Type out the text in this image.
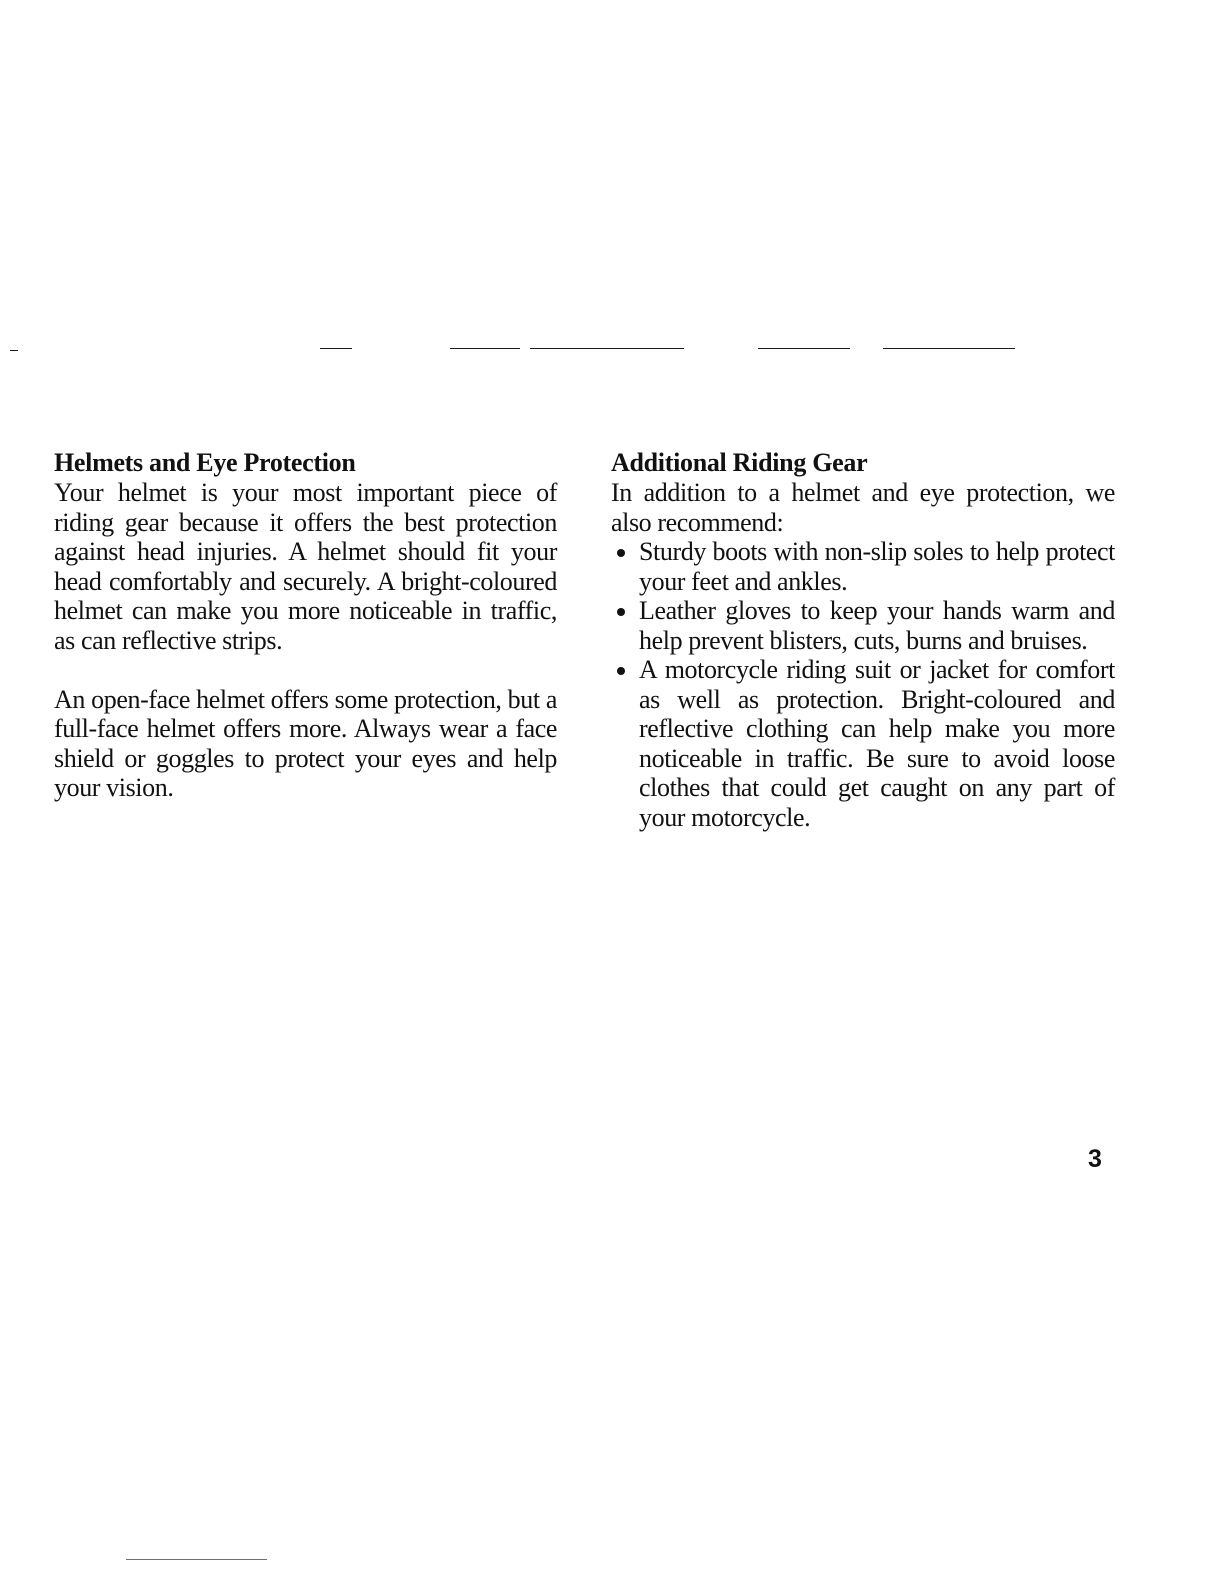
Helmets and Eye Protection

Your helmet is your most important piece of riding gear because it offers the best protection against head injuries. A helmet should fit your head comfortably and securely. A bright-coloured helmet can make you more noticeable in traffic, as can reflective strips.

An open-face helmet offers some protection, but a full-face helmet offers more. Always wear a face shield or goggles to protect your eyes and help your vision.

Additional Riding Gear

In addition to a helmet and eye protection, we also recommend:

Sturdy boots with non-slip soles to help protect your feet and ankles.
Leather gloves to keep your hands warm and help prevent blisters, cuts, burns and bruises.
A motorcycle riding suit or jacket for comfort as well as protection. Bright-coloured and reflective clothing can help make you more noticeable in traffic. Be sure to avoid loose clothes that could get caught on any part of your motorcycle.
3
